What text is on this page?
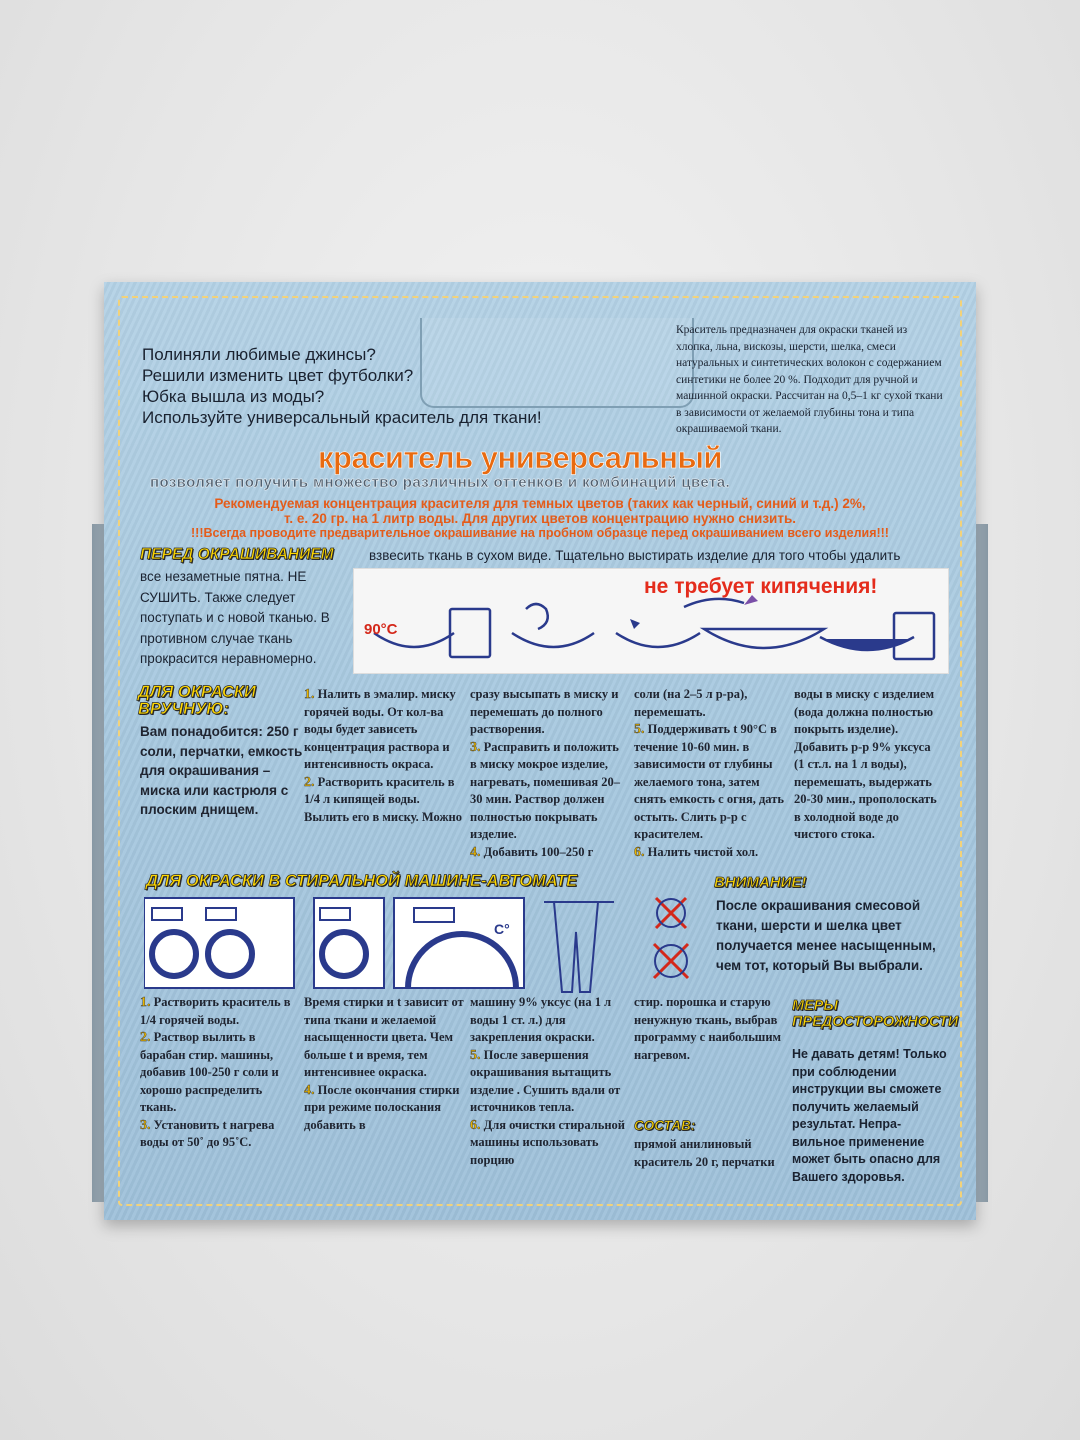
Полиняли любимые джинсы?
Решили изменить цвет футболки?
Юбка вышла из моды?
Используйте универсальный краситель для ткани!
Краситель предназначен для окраски тканей из хлопка, льна, вискозы, шерсти, шелка, смеси натуральных и синтетических волокон с содержанием синтетики не более 20 %. Подходит для ручной и машинной окраски. Рассчитан на 0,5–1 кг сухой ткани в зависимости от желаемой глубины тона и типа окрашиваемой ткани.
краситель универсальный
позволяет получить множество различных оттенков и комбинаций цвета.
Рекомендуемая концентрация красителя для темных цветов (таких как черный, синий и т.д.) 2%,
т. е. 20 гр. на 1 литр воды. Для других цветов концентрацию нужно снизить.
!!!Всегда проводите предварительное окрашивание на пробном образце перед окрашиванием всего изделия!!!
ПЕРЕД ОКРАШИВАНИЕМ	взвесить ткань в сухом виде. Тщательно выстирать изделие для того чтобы удалить
все незаметные пятна. НЕ СУШИТЬ. Также следует поступать и с новой тканью. В противном случае ткань прокрасится неравномерно.
не требует кипячения!
90°C
ДЛЯ ОКРАСКИ
ВРУЧНУЮ:
Вам понадобится: 250 г соли, перчатки, емкость для окрашивания – миска или кастрюля с плоским днищем.
1. Налить в эмалир. миску горячей воды. От кол-ва воды будет зависеть концентрация раствора и интенсивность окраса.
2. Растворить краситель в 1/4 л кипящей воды. Вылить его в миску. Можно
сразу высыпать в миску и перемешать до полного растворения.
3. Расправить и положить в миску мокрое изделие, нагревать, помешивая 20–30 мин. Раствор должен полностью покрывать изделие.
4. Добавить 100–250 г
соли (на 2–5 л р-ра), перемешать.
5. Поддерживать t 90°С в течение 10-60 мин. в зависимости от глубины желаемого тона, затем снять емкость с огня, дать остыть. Слить р-р с красителем.
6. Налить чистой хол.
воды в миску с изделием (вода должна полностью покрыть изделие). Добавить р-р 9% уксуса (1 ст.л. на 1 л воды), перемешать, выдержать 20-30 мин., прополоскать в холодной воде до чистого стока.
ДЛЯ ОКРАСКИ В СТИРАЛЬНОЙ МАШИНЕ-АВТОМАТЕ	ВНИМАНИЕ!
После окрашивания смесовой ткани, шерсти и шелка цвет получается менее насыщенным, чем тот, который Вы выбрали.
C°
1. Растворить краситель в 1/4 горячей воды.
2. Раствор вылить в барабан стир. машины, добавив 100-250 г соли и хорошо распределить ткань.
3. Установить t нагрева воды от 50˚ до 95˚С.
Время стирки и t зависит от типа ткани и желаемой насыщенности цвета. Чем больше t и время, тем интенсивнее окраска.
4. После окончания стирки при режиме полоскания добавить в
машину 9% уксус (на 1 л воды 1 ст. л.) для закрепления окраски.
5. После завершения окрашивания вытащить изделие . Сушить вдали от источников тепла.
6. Для очистки стиральной машины использовать порцию
стир. порошка и старую ненужную ткань, выбрав программу с наибольшим нагревом.
СОСТАВ:
прямой анилиновый краситель 20 г, перчатки
МЕРЫ
ПРЕДОСТОРОЖНОСТИ
Не давать детям! Только при соблюдении инструкции вы сможете получить желаемый результат. Непра-вильное применение может быть опасно для Вашего здоровья.
